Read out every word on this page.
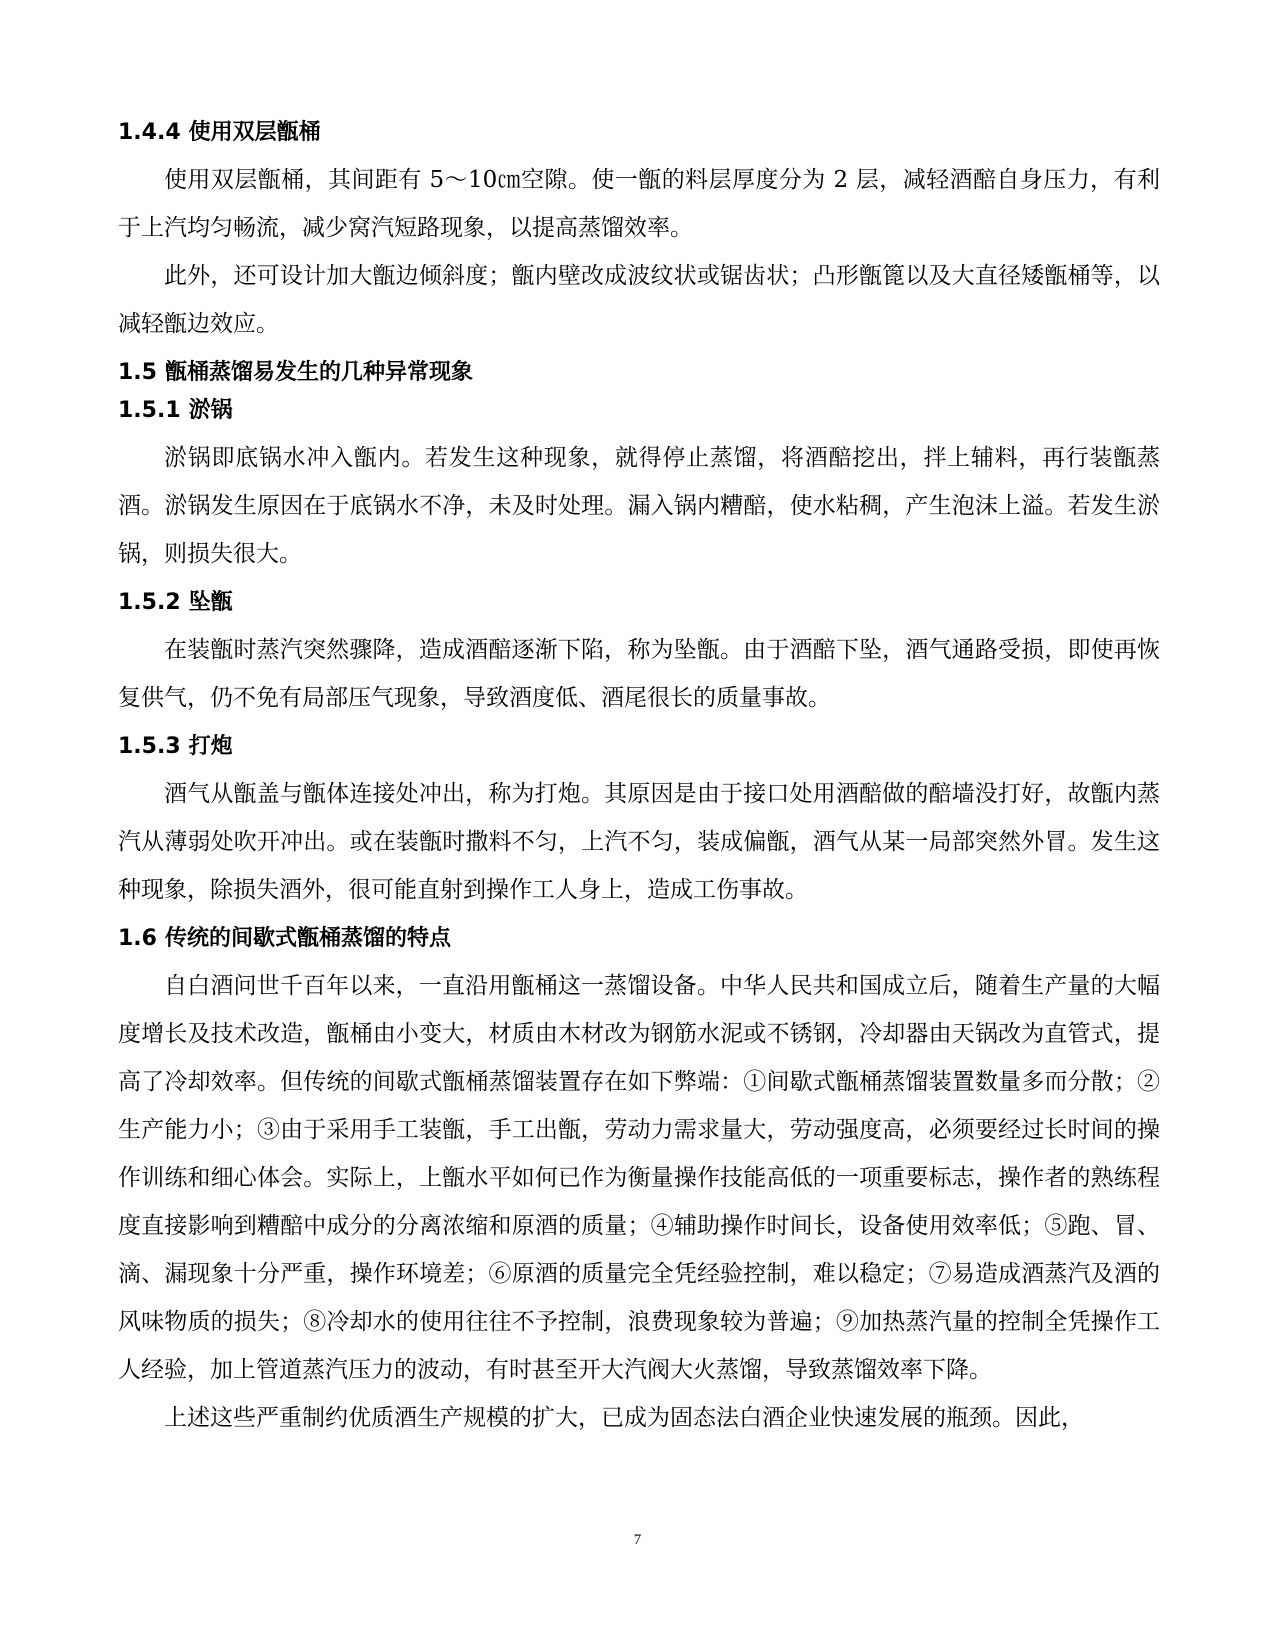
1.4.4 使用双层甑桶

使用双层甑桶，其间距有 5～10㎝空隙。使一甑的料层厚度分为 2 层，减轻酒醅自身压力，有利于上汽均匀畅流，减少窝汽短路现象，以提高蒸馏效率。

此外，还可设计加大甑边倾斜度；甑内壁改成波纹状或锯齿状；凸形甑篦以及大直径矮甑桶等，以减轻甑边效应。

1.5 甑桶蒸馏易发生的几种异常现象
1.5.1 淤锅

淤锅即底锅水冲入甑内。若发生这种现象，就得停止蒸馏，将酒醅挖出，拌上辅料，再行装甑蒸酒。淤锅发生原因在于底锅水不净，未及时处理。漏入锅内糟醅，使水粘稠，产生泡沫上溢。若发生淤锅，则损失很大。

1.5.2 坠甑

在装甑时蒸汽突然骤降，造成酒醅逐渐下陷，称为坠甑。由于酒醅下坠，酒气通路受损，即使再恢复供气，仍不免有局部压气现象，导致酒度低、酒尾很长的质量事故。

1.5.3 打炮

酒气从甑盖与甑体连接处冲出，称为打炮。其原因是由于接口处用酒醅做的醅墙没打好，故甑内蒸汽从薄弱处吹开冲出。或在装甑时撒料不匀，上汽不匀，装成偏甑，酒气从某一局部突然外冒。发生这种现象，除损失酒外，很可能直射到操作工人身上，造成工伤事故。

1.6 传统的间歇式甑桶蒸馏的特点

自白酒问世千百年以来，一直沿用甑桶这一蒸馏设备。中华人民共和国成立后，随着生产量的大幅度增长及技术改造，甑桶由小变大，材质由木材改为钢筋水泥或不锈钢，冷却器由天锅改为直管式，提高了冷却效率。但传统的间歇式甑桶蒸馏装置存在如下弊端：①间歇式甑桶蒸馏装置数量多而分散；②生产能力小；③由于采用手工装甑，手工出甑，劳动力需求量大，劳动强度高，必须要经过长时间的操作训练和细心体会。实际上，上甑水平如何已作为衡量操作技能高低的一项重要标志，操作者的熟练程度直接影响到糟醅中成分的分离浓缩和原酒的质量；④辅助操作时间长，设备使用效率低；⑤跑、冒、滴、漏现象十分严重，操作环境差；⑥原酒的质量完全凭经验控制，难以稳定；⑦易造成酒蒸汽及酒的风味物质的损失；⑧冷却水的使用往往不予控制，浪费现象较为普遍；⑨加热蒸汽量的控制全凭操作工人经验，加上管道蒸汽压力的波动，有时甚至开大汽阀大火蒸馏，导致蒸馏效率下降。

上述这些严重制约优质酒生产规模的扩大，已成为固态法白酒企业快速发展的瓶颈。因此，

7
